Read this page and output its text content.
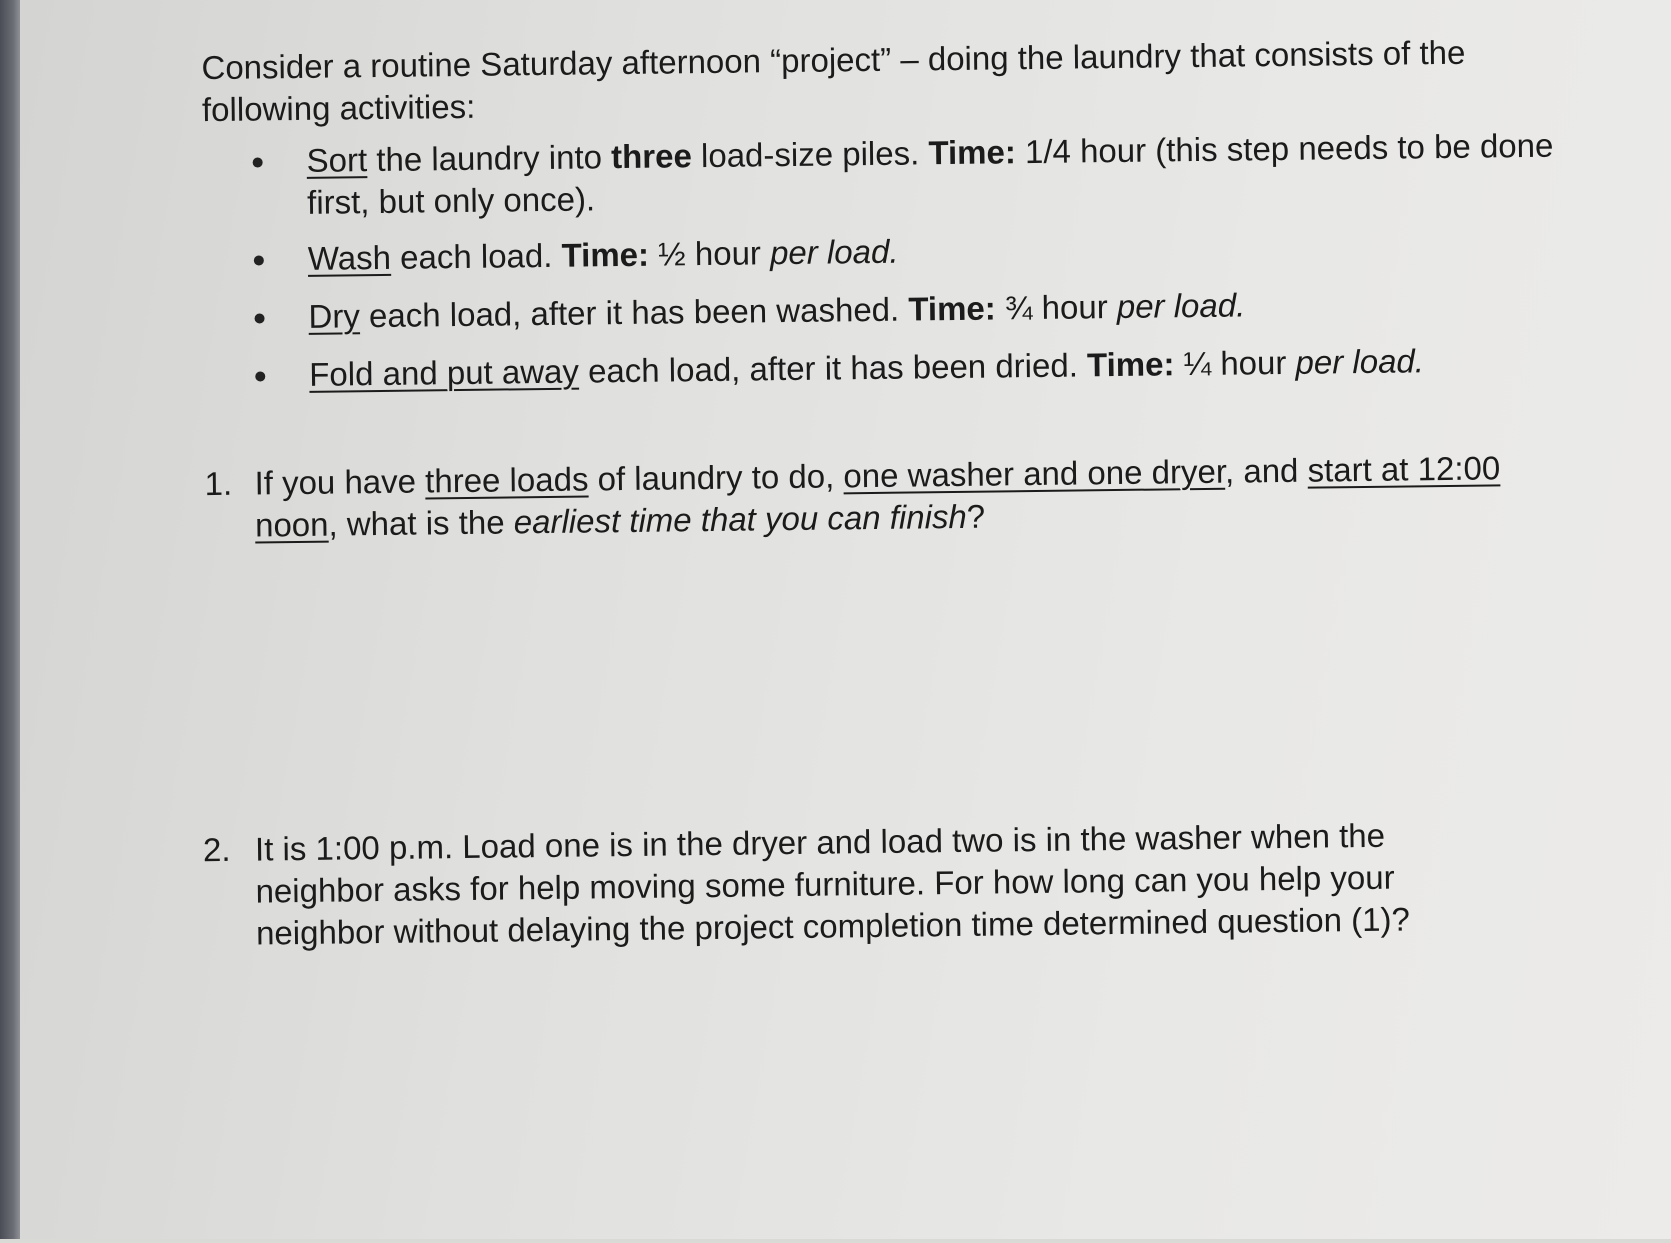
Consider a routine Saturday afternoon “project” – doing the laundry that consists of the
following activities:

Sort the laundry into three load-size piles. Time: 1/4 hour (this step needs to be done first, but only once).

Wash each load. Time: ½ hour per load.

Dry each load, after it has been washed. Time: ¾ hour per load.

Fold and put away each load, after it has been dried. Time: ¼ hour per load.

1. If you have three loads of laundry to do, one washer and one dryer, and start at 12:00 noon, what is the earliest time that you can finish?

2. It is 1:00 p.m. Load one is in the dryer and load two is in the washer when the neighbor asks for help moving some furniture. For how long can you help your neighbor without delaying the project completion time determined question (1)?
